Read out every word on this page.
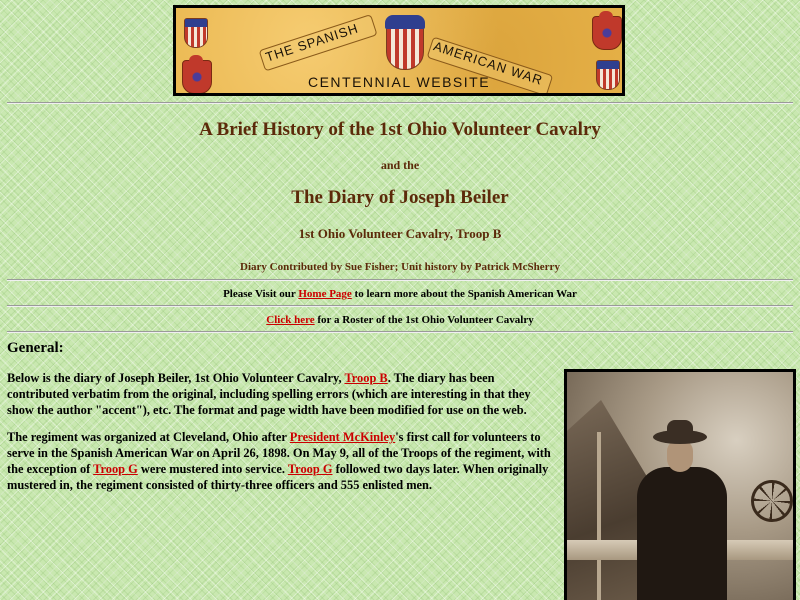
THE SPANISH	AMERICAN WAR
CENTENNIAL WEBSITE
A Brief History of the 1st Ohio Volunteer Cavalry
and the
The Diary of Joseph Beiler
1st Ohio Volunteer Cavalry, Troop B
Diary Contributed by Sue Fisher; Unit history by Patrick McSherry
Please Visit our Home Page to learn more about the Spanish American War
Click here for a Roster of the 1st Ohio Volunteer Cavalry
General:
Below is the diary of Joseph Beiler, 1st Ohio Volunteer Cavalry, Troop B. The diary has been contributed verbatim from the original, including spelling errors (which are interesting in that they show the author "accent"), etc. The format and page width have been modified for use on the web.
The regiment was organized at Cleveland, Ohio after President McKinley's first call for volunteers to serve in the Spanish American War on April 26, 1898. On May 9, all of the Troops of the regiment, with the exception of Troop G were mustered into service. Troop G followed two days later. When originally mustered in, the regiment consisted of thirty-three officers and 555 enlisted men.
